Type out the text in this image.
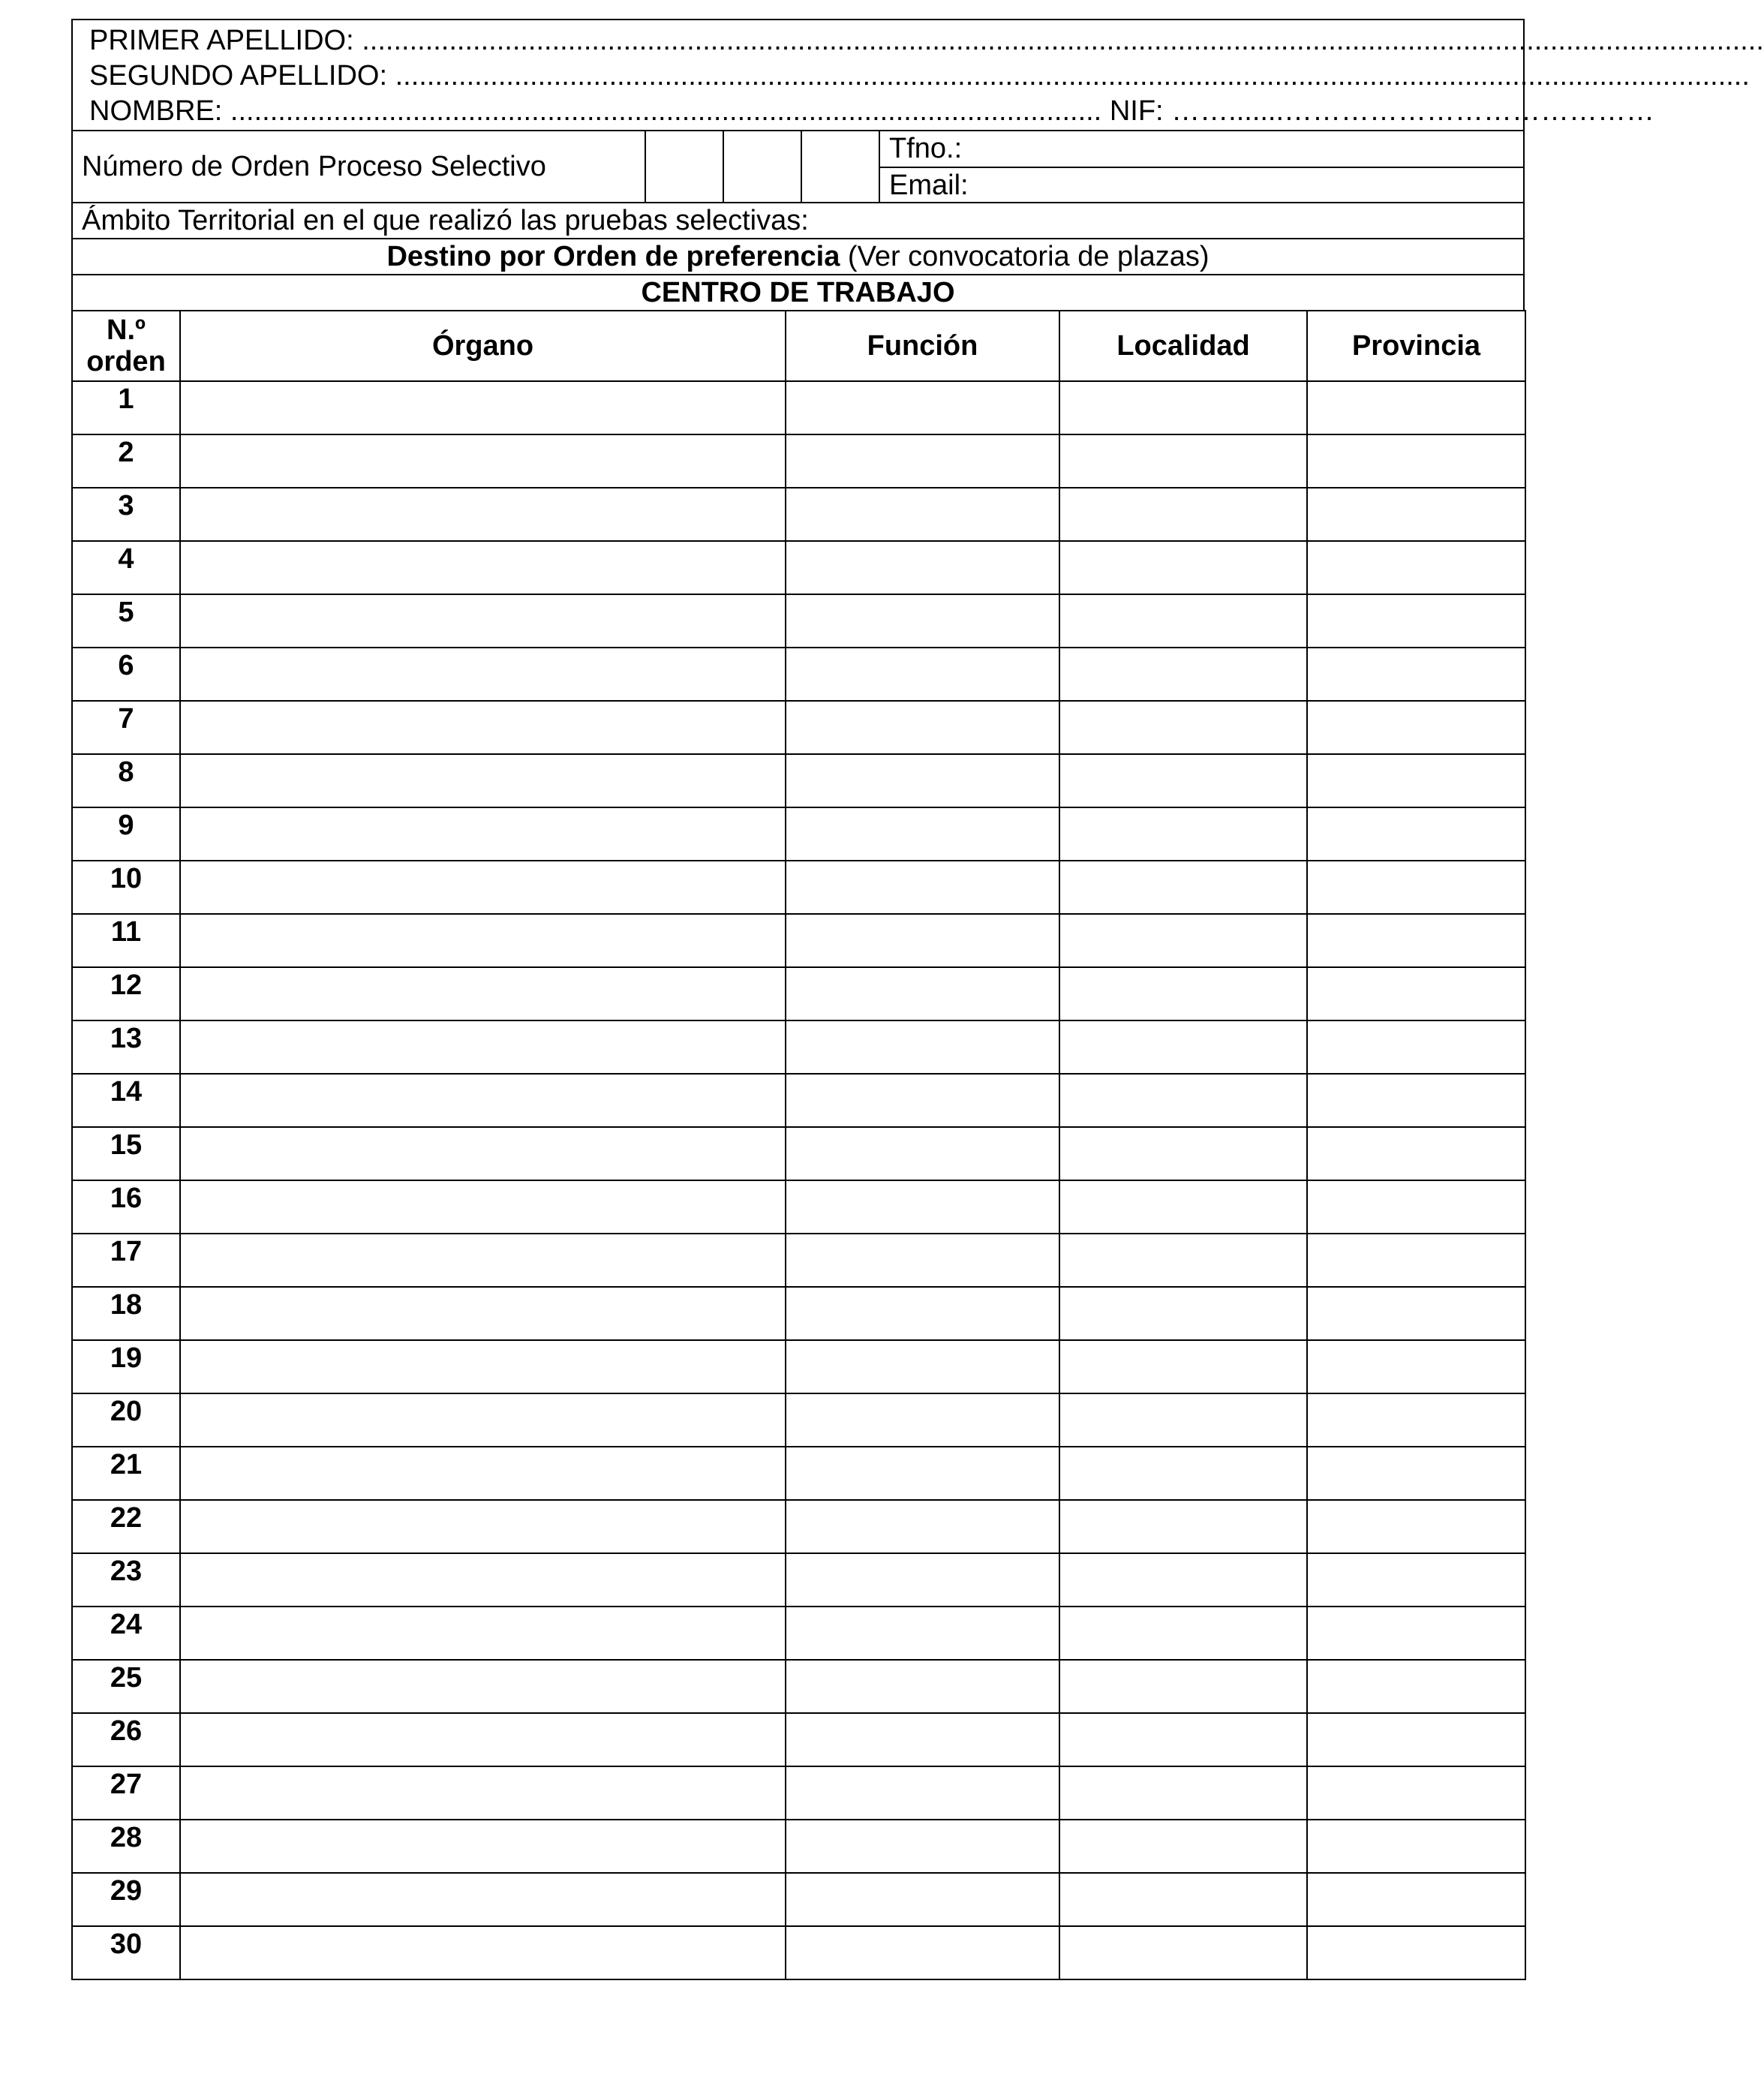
PRIMER APELLIDO: .................................................................................................................................................................................
SEGUNDO APELLIDO: ...........................................................................................................................................................................
NOMBRE: .............................................................................................................. NIF: …….......…………………………………
Número de Orden Proceso Selectivo
Tfno.:
Email:
Ámbito Territorial en el que realizó las pruebas selectivas:
Destino por Orden de preferencia (Ver convocatoria de plazas)
CENTRO DE TRABAJO
N.º
orden	Órgano	Función	Localidad	Provincia
1				
2				
3				
4				
5				
6				
7				
8				
9				
10				
11				
12				
13				
14				
15				
16				
17				
18				
19				
20				
21				
22				
23				
24				
25				
26				
27				
28				
29				
30				
